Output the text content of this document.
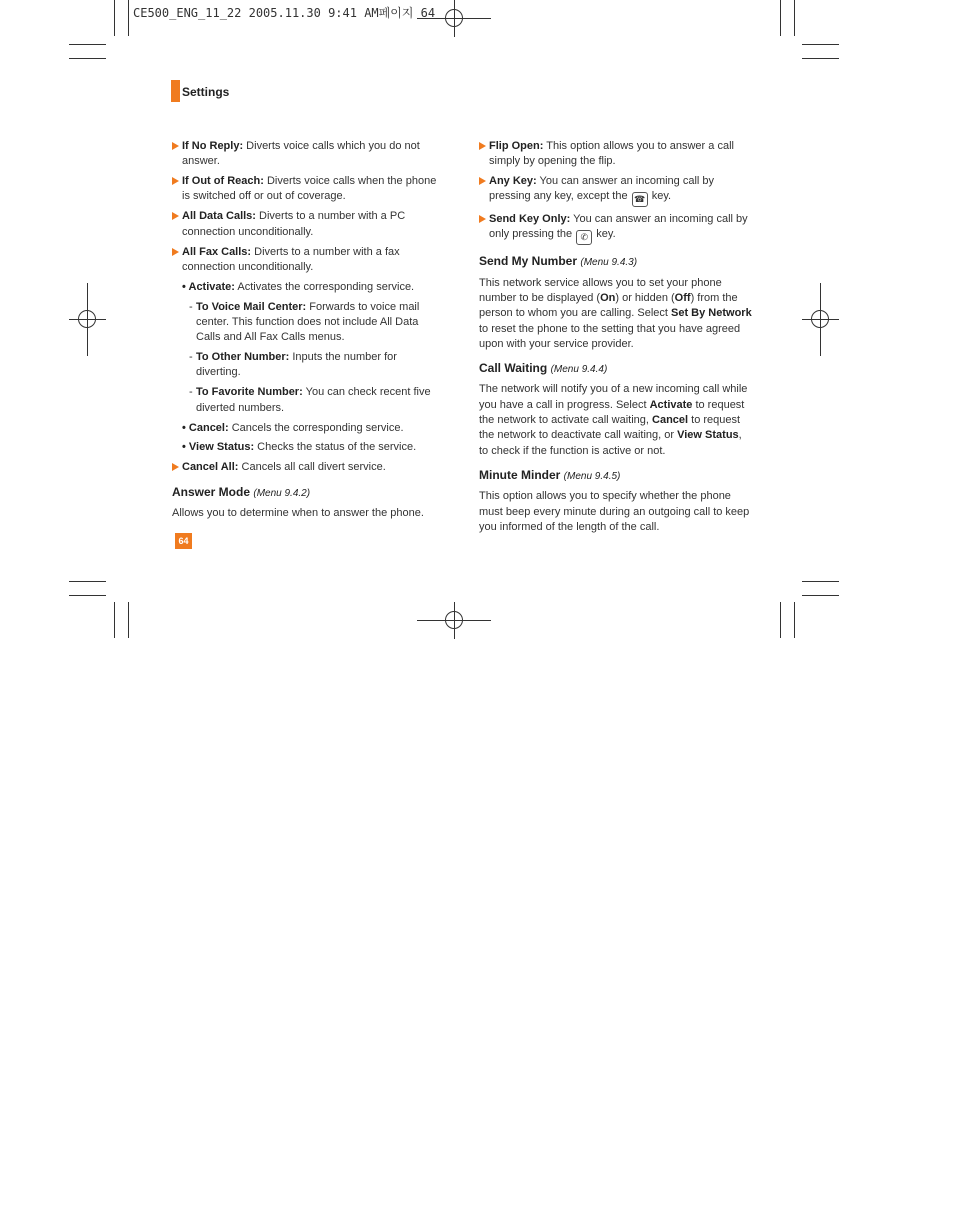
CE500_ENG_11_22 2005.11.30 9:41 AM페이지 64
Settings
If No Reply: Diverts voice calls which you do not answer.
If Out of Reach: Diverts voice calls when the phone is switched off or out of coverage.
All Data Calls: Diverts to a number with a PC connection unconditionally.
All Fax Calls: Diverts to a number with a fax connection unconditionally.
• Activate: Activates the corresponding service.
- To Voice Mail Center: Forwards to voice mail center. This function does not include All Data Calls and All Fax Calls menus.
- To Other Number: Inputs the number for diverting.
- To Favorite Number: You can check recent five diverted numbers.
• Cancel: Cancels the corresponding service.
• View Status: Checks the status of the service.
Cancel All: Cancels all call divert service.
Answer Mode (Menu 9.4.2)

Allows you to determine when to answer the phone.

Flip Open: This option allows you to answer a call simply by opening the flip.
Any Key: You can answer an incoming call by pressing any key, except the ☎ key.
Send Key Only: You can answer an incoming call by only pressing the ✆ key.
Send My Number (Menu 9.4.3)

This network service allows you to set your phone number to be displayed (On) or hidden (Off) from the person to whom you are calling. Select Set By Network to reset the phone to the setting that you have agreed upon with your service provider.

Call Waiting (Menu 9.4.4)

The network will notify you of a new incoming call while you have a call in progress. Select Activate to request the network to activate call waiting, Cancel to request the network to deactivate call waiting, or View Status, to check if the function is active or not.

Minute Minder (Menu 9.4.5)

This option allows you to specify whether the phone must beep every minute during an outgoing call to keep you informed of the length of the call.

64
